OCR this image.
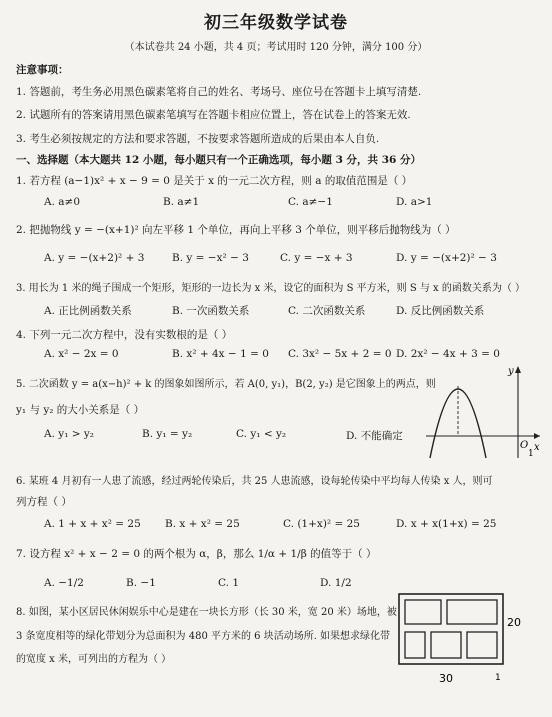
初三年级数学试卷
（本试卷共 24 小题，共 4 页；考试用时 120 分钟，满分 100 分）
注意事项：
1. 答题前，考生务必用黑色碳素笔将自己的姓名、考场号、座位号在答题卡上填写清楚.
2. 试题所有的答案请用黑色碳素笔填写在答题卡相应位置上，答在试卷上的答案无效.
3. 考生必须按规定的方法和要求答题，不按要求答题所造成的后果由本人自负.
一、选择题（本大题共 12 小题，每小题只有一个正确选项，每小题 3 分，共 36 分）
1. 若方程 (a−1)x² + x − 9 = 0 是关于 x 的一元二次方程，则 a 的取值范围是（ ）
A. a≠0	B. a≠1	C. a≠−1	D. a>1
2. 把抛物线 y = −(x+1)² 向左平移 1 个单位，再向上平移 3 个单位，则平移后抛物线为（ ）
A. y = −(x+2)² + 3	B. y = −x² − 3	C. y = −x + 3	D. y = −(x+2)² − 3
3. 用长为 1 米的绳子围成一个矩形，矩形的一边长为 x 米，设它的面积为 S 平方米，则 S 与 x 的函数关系为（ ）
A. 正比例函数关系	B. 一次函数关系	C. 二次函数关系	D. 反比例函数关系
4. 下列一元二次方程中，没有实数根的是（ ）
A. x² − 2x = 0	B. x² + 4x − 1 = 0 C. 3x² − 5x + 2 = 0 D. 2x² − 4x + 3 = 0
5. 二次函数 y = a(x−h)² + k 的图象如图所示，若 A(0, y₁)，B(2, y₂) 是它图象上的两点，则
y₁ 与 y₂ 的大小关系是（ ）
A. y₁ > y₂	B. y₁ = y₂	C. y₁ < y₂	D. 不能确定
y
x
O
1
6. 某班 4 月初有一人患了流感，经过两轮传染后，共 25 人患流感，设每轮传染中平均每人传染 x 人，则可
列方程（ ）
A. 1 + x + x² = 25 B. x + x² = 25	C. (1+x)² = 25	D. x + x(1+x) = 25
7. 设方程 x² + x − 2 = 0 的两个根为 α，β，那么 1/α + 1/β 的值等于（ ）
A. −1/2	B. −1	C. 1	D. 1/2
8. 如图，某小区居民休闲娱乐中心是建在一块长方形（长 30 米，宽 20 米）场地，被
3 条宽度相等的绿化带划分为总面积为 480 平方米的 6 块活动场所. 如果想求绿化带
的宽度 x 米，可列出的方程为（ ）
20
30	1
